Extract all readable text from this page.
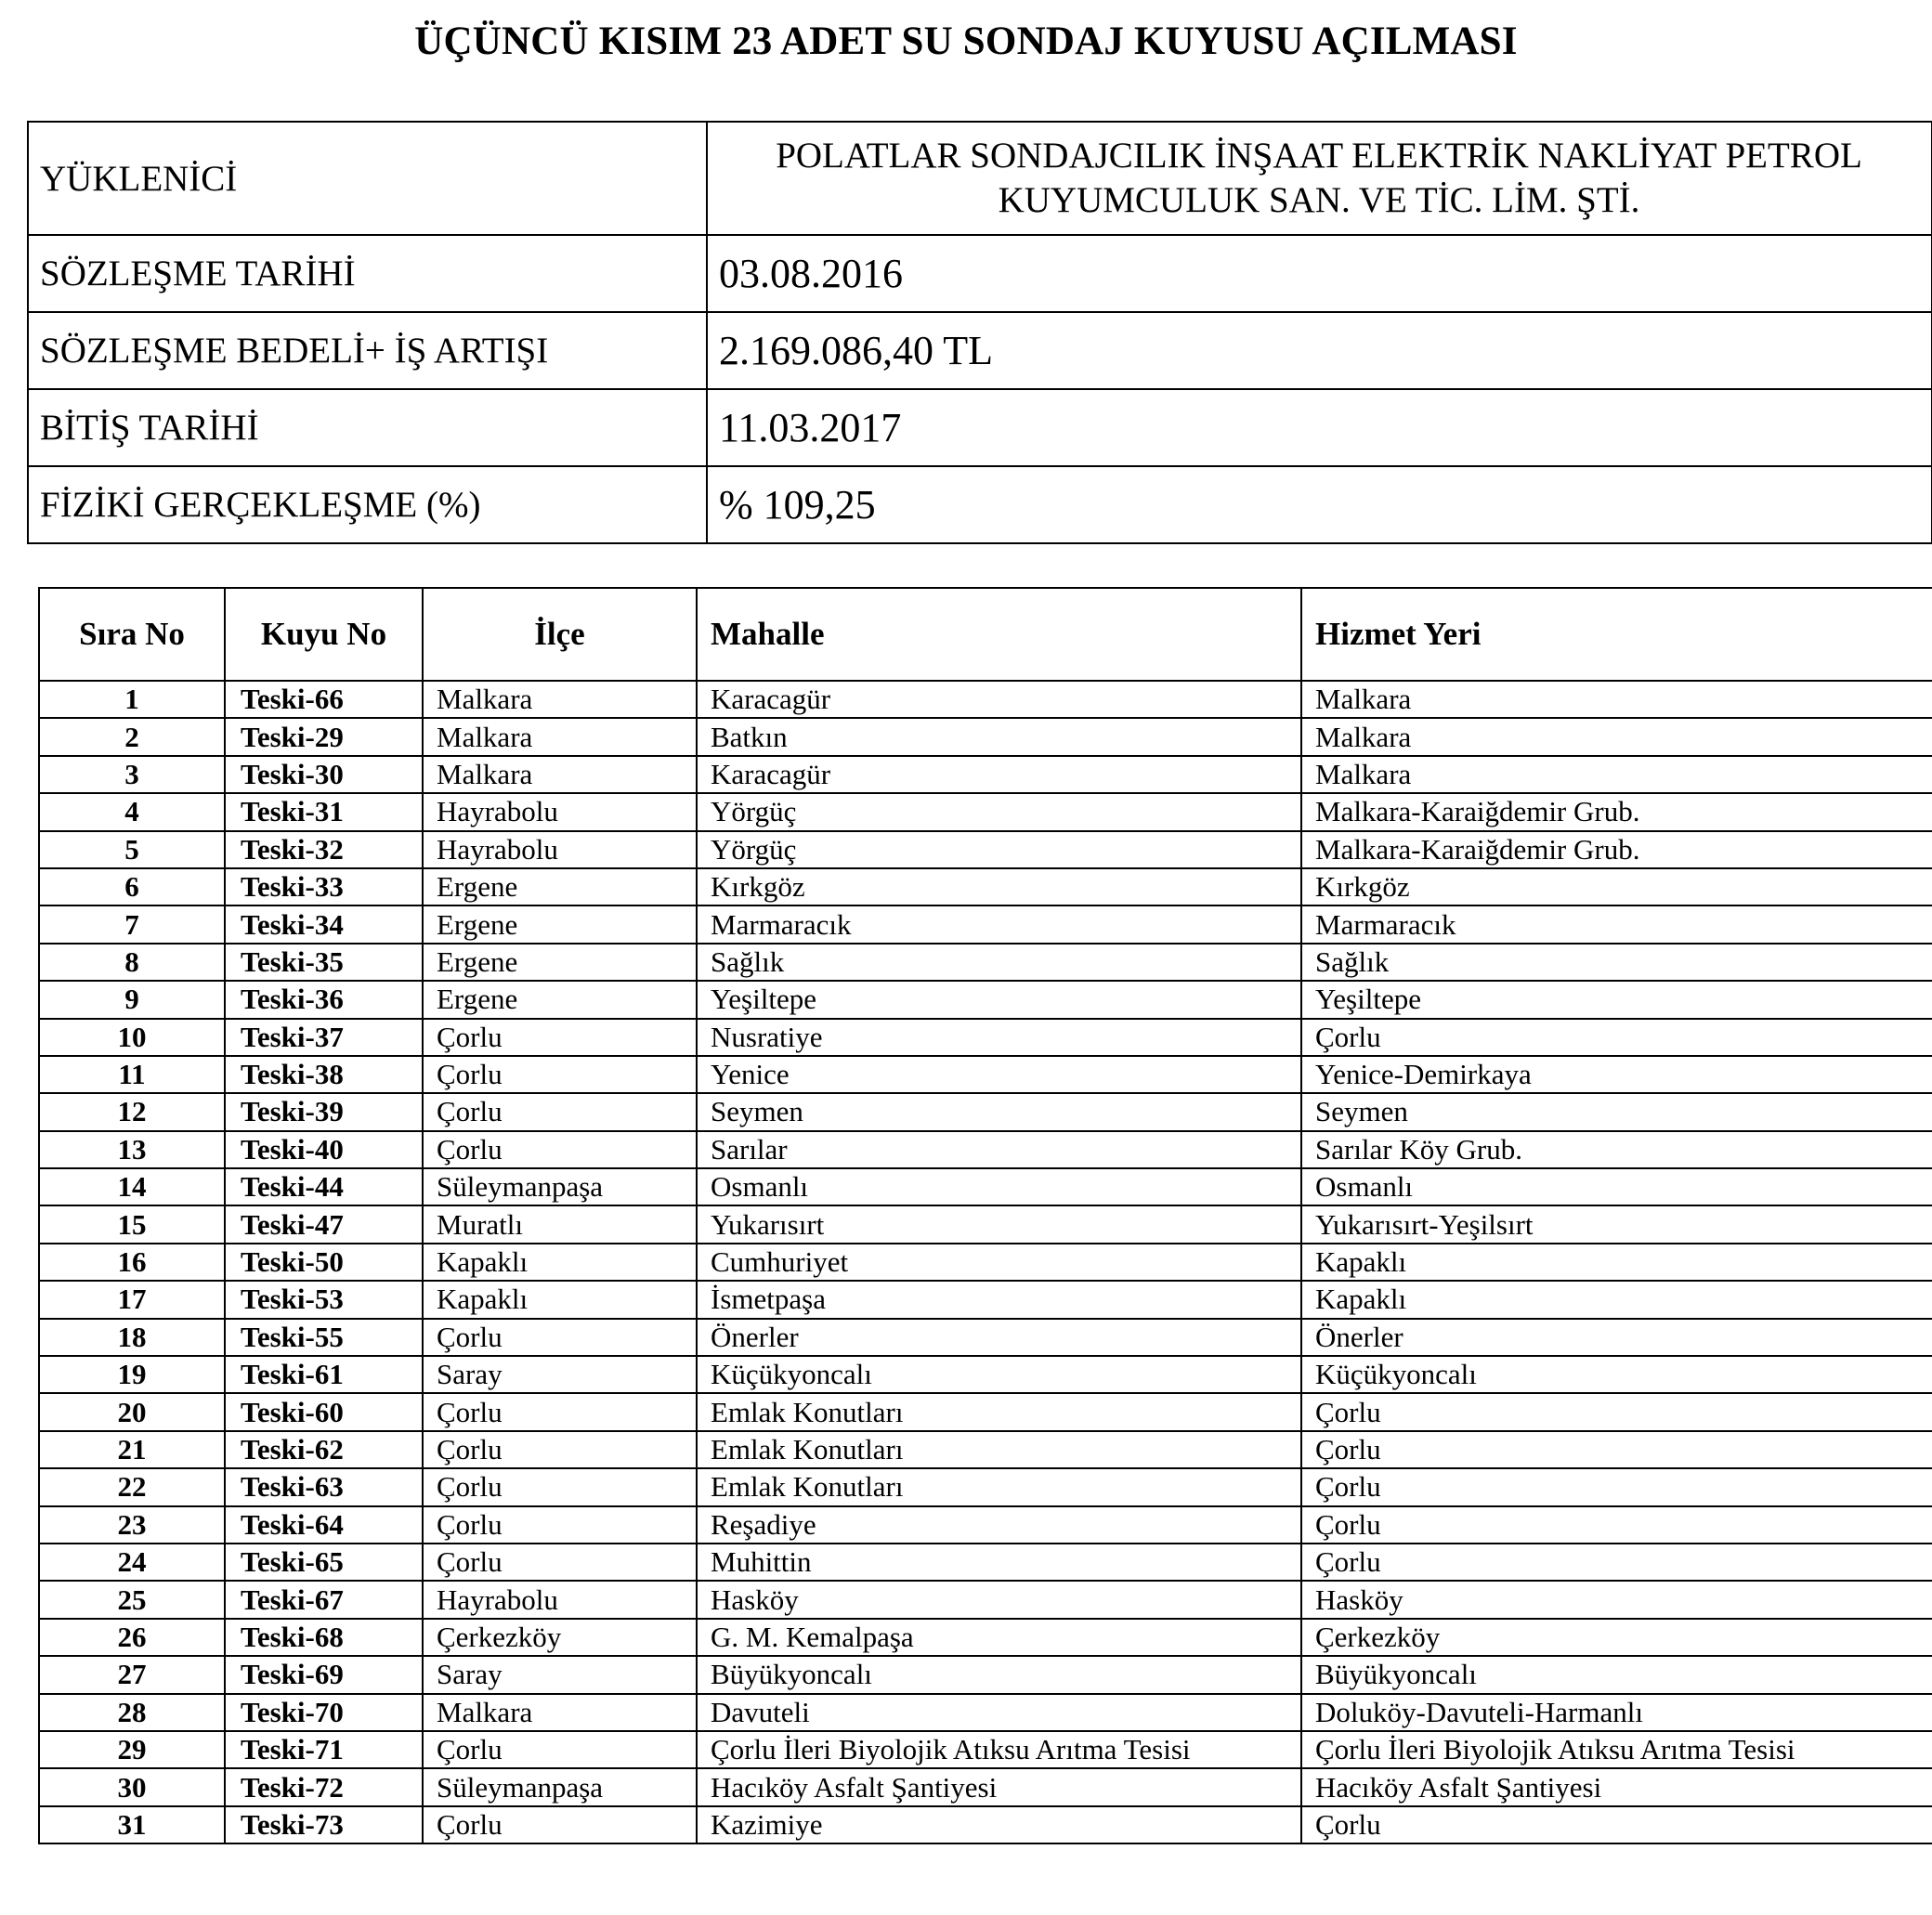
ÜÇÜNCÜ KISIM 23 ADET SU SONDAJ KUYUSU AÇILMASI
YÜKLENİCİ	POLATLAR SONDAJCILIK İNŞAAT ELEKTRİK NAKLİYAT PETROL
KUYUMCULUK SAN. VE TİC. LİM. ŞTİ.

SÖZLEŞME TARİHİ	03.08.2016
SÖZLEŞME BEDELİ+ İŞ ARTIŞI	2.169.086,40 TL
BİTİŞ TARİHİ	11.03.2017
FİZİKİ GERÇEKLEŞME (%)	% 109,25
Sıra No	Kuyu No	İlçe	Mahalle	Hizmet Yeri
1	Teski-66	Malkara	Karacagür	Malkara
2	Teski-29	Malkara	Batkın	Malkara
3	Teski-30	Malkara	Karacagür	Malkara
4	Teski-31	Hayrabolu	Yörgüç	Malkara-Karaiğdemir Grub.
5	Teski-32	Hayrabolu	Yörgüç	Malkara-Karaiğdemir Grub.
6	Teski-33	Ergene	Kırkgöz	Kırkgöz
7	Teski-34	Ergene	Marmaracık	Marmaracık
8	Teski-35	Ergene	Sağlık	Sağlık
9	Teski-36	Ergene	Yeşiltepe	Yeşiltepe
10	Teski-37	Çorlu	Nusratiye	Çorlu
11	Teski-38	Çorlu	Yenice	Yenice-Demirkaya
12	Teski-39	Çorlu	Seymen	Seymen
13	Teski-40	Çorlu	Sarılar	Sarılar Köy Grub.
14	Teski-44	Süleymanpaşa	Osmanlı	Osmanlı
15	Teski-47	Muratlı	Yukarısırt	Yukarısırt-Yeşilsırt
16	Teski-50	Kapaklı	Cumhuriyet	Kapaklı
17	Teski-53	Kapaklı	İsmetpaşa	Kapaklı
18	Teski-55	Çorlu	Önerler	Önerler
19	Teski-61	Saray	Küçükyoncalı	Küçükyoncalı
20	Teski-60	Çorlu	Emlak Konutları	Çorlu
21	Teski-62	Çorlu	Emlak Konutları	Çorlu
22	Teski-63	Çorlu	Emlak Konutları	Çorlu
23	Teski-64	Çorlu	Reşadiye	Çorlu
24	Teski-65	Çorlu	Muhittin	Çorlu
25	Teski-67	Hayrabolu	Hasköy	Hasköy
26	Teski-68	Çerkezköy	G. M. Kemalpaşa	Çerkezköy
27	Teski-69	Saray	Büyükyoncalı	Büyükyoncalı
28	Teski-70	Malkara	Davuteli	Doluköy-Davuteli-Harmanlı
29	Teski-71	Çorlu	Çorlu İleri Biyolojik Atıksu Arıtma Tesisi	Çorlu İleri Biyolojik Atıksu Arıtma Tesisi
30	Teski-72	Süleymanpaşa	Hacıköy Asfalt Şantiyesi	Hacıköy Asfalt Şantiyesi
31	Teski-73	Çorlu	Kazimiye	Çorlu
